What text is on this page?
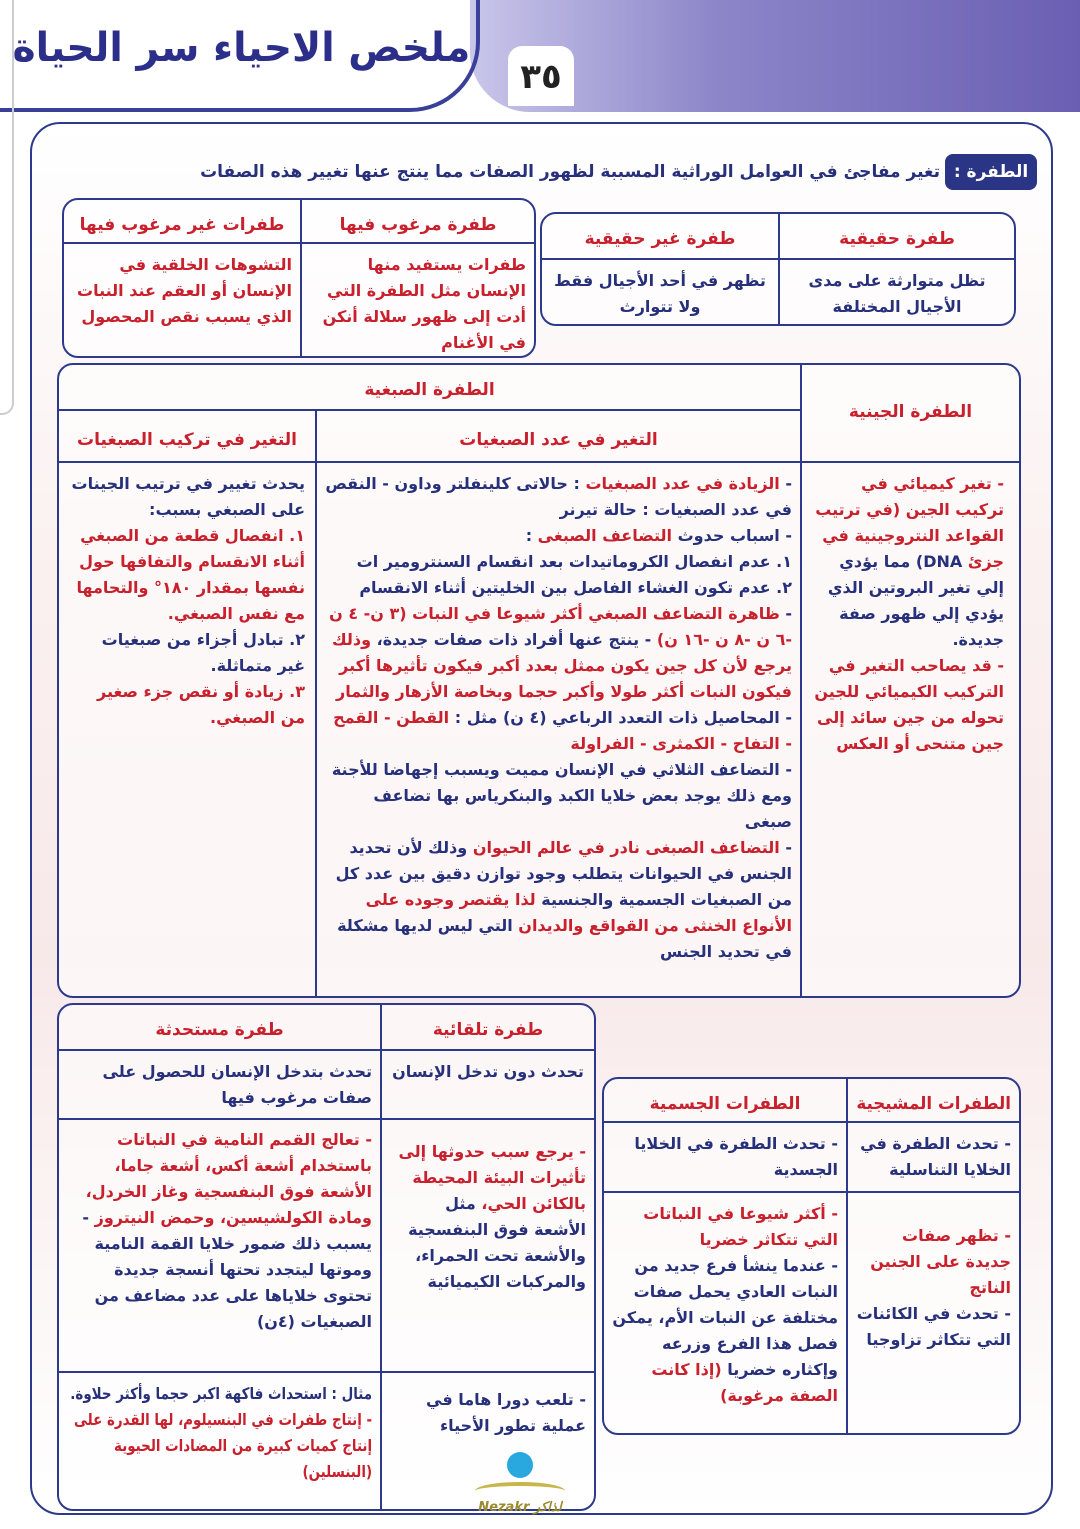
ملخص الاحياء سر الحياة
٣٥
الطفرة :
تغير مفاجئ في العوامل الوراثية المسببة لظهور الصفات مما ينتج عنها تغيير هذه الصفات
طفرة حقيقية
طفرة غير حقيقية
تظل متوارثة على مدى الأجيال المختلفة
تظهر في أحد الأجيال فقط ولا تتوارث
طفرة مرغوب فيها
طفرات غير مرغوب فيها
طفرات يستفيد منها الإنسان مثل الطفرة التي أدت إلى ظهور سلالة أنكن في الأغنام
التشوهات الخلقية في الإنسان أو العقم عند النبات الذي يسبب نقص المحصول
الطفرة الجينية
الطفرة الصبغية
التغير في عدد الصبغيات
التغير في تركيب الصبغيات

- تغير كيميائي في تركيب الجين (في ترتيب القواعد النتروجينية في جزئ DNA) مما يؤدي إلي تغير البروتين الذي يؤدي إلي ظهور صفة جديدة.

- قد يصاحب التغير في التركيب الكيميائي للجين تحوله من جين سائد إلى جين متنحى أو العكس

- الزيادة في عدد الصبغيات : حالاتى كلينفلتر وداون - النقص في عدد الصبغيات : حالة تيرنر

- اسباب حدوث التضاعف الصبغى :

١. عدم انفصال الكروماتيدات بعد انقسام السنترومير ات

٢. عدم تكون الغشاء الفاصل بين الخليتين أثناء الانقسام

- ظاهرة التضاعف الصبغي أكثر شيوعا في النبات (٣ ن- ٤ ن -٦ ن -٨ ن -١٦ ن) - ينتج عنها أفراد ذات صفات جديدة، وذلك يرجع لأن كل جين يكون ممثل بعدد أكبر فيكون تأثيرها أكبر فيكون النبات أكثر طولا وأكبر حجما وبخاصة الأزهار والثمار - المحاصيل ذات التعدد الرباعي (٤ ن) مثل : القطن - القمح - التفاح - الكمثرى - الفراولة

- التضاعف الثلاثي في الإنسان مميت ويسبب إجهاضا للأجنة ومع ذلك يوجد بعض خلايا الكبد والبنكرياس بها تضاعف صبغى

- التضاعف الصبغى نادر في عالم الحيوان وذلك لأن تحديد الجنس في الحيوانات يتطلب وجود توازن دقيق بين عدد كل من الصبغيات الجسمية والجنسية لذا يقتصر وجوده على الأنواع الخنثى من القواقع والديدان التي ليس لديها مشكلة في تحديد الجنس

يحدث تغيير في ترتيب الجينات على الصبغي بسبب:

١. انفصال قطعة من الصبغي أثناء الانقسام والتفافها حول نفسها بمقدار ١٨٠° والتحامها مع نفس الصبغي.

٢. تبادل أجزاء من صبغيات غير متماثلة.

٣. زيادة أو نقص جزء صغير من الصبغي.

طفرة تلقائية
طفرة مستحدثة
تحدث دون تدخل الإنسان
تحدث بتدخل الإنسان للحصول على صفات مرغوب فيها

- يرجع سبب حدوثها إلى تأثيرات البيئة المحيطة بالكائن الحي، مثل الأشعة فوق البنفسجية والأشعة تحت الحمراء، والمركبات الكيميائية

- تعالج القمم النامية في النباتات باستخدام أشعة أكس، أشعة جاما، الأشعة فوق البنفسجية وغاز الخردل، ومادة الكولشيسين، وحمض النيتروز - يسبب ذلك ضمور خلايا القمة النامية وموتها ليتجدد تحتها أنسجة جديدة تحتوى خلاياها على عدد مضاعف من الصبغيات (٤ن)

- تلعب دورا هاما في عملية تطور الأحياء

مثال : استحداث فاكهة اكبر حجما وأكثر حلاوة.

- إنتاج طفرات في البنسيلوم، لها القدرة على إنتاج كميات كبيرة من المضادات الحيوية (البنسلين)

الطفرات المشيجية
الطفرات الجسمية
- تحدث الطفرة في الخلايا التناسلية
- تحدث الطفرة في الخلايا الجسدية

- تظهر صفات جديدة على الجنين الناتج

- تحدث في الكائنات التي تتكاثر تزاوجيا

- أكثر شيوعا في النباتات التي تتكاثر خضريا

- عندما ينشأ فرع جديد من النبات العادي يحمل صفات مختلفة عن النبات الأم، يمكن فصل هذا الفرع وزرعه وإكثاره خضريا (إذا كانت الصفة مرغوبة)

Nezakr لذاكر
